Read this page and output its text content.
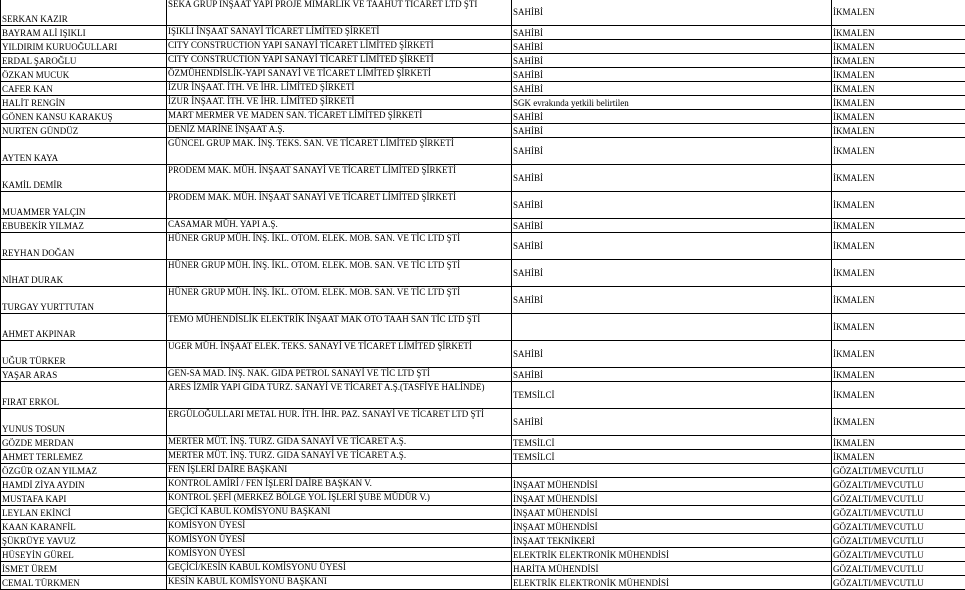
SERKAN KAZIR	SEKA GRUP İNŞAAT YAPI PROJE MİMARLIK VE TAAHÜT TİCARET LTD ŞTİ	SAHİBİ	İKMALEN
BAYRAM ALİ IŞIKLI	IŞIKLI İNŞAAT SANAYİ TİCARET LİMİTED ŞİRKETİ	SAHİBİ	İKMALEN
YILDIRIM KURUOĞULLARI	CITY CONSTRUCTION YAPI SANAYİ TİCARET LİMİTED ŞİRKETİ	SAHİBİ	İKMALEN
ERDAL ŞAROĞLU	CITY CONSTRUCTION YAPI SANAYİ TİCARET LİMİTED ŞİRKETİ	SAHİBİ	İKMALEN
ÖZKAN MUCUK	ÖZMÜHENDİSLİK-YAPI SANAYİ VE TİCARET LİMİTED ŞİRKETİ	SAHİBİ	İKMALEN
CAFER KAN	İZUR İNŞAAT. İTH. VE İHR. LİMİTED ŞİRKETİ	SAHİBİ	İKMALEN
HALİT RENGİN	İZUR İNŞAAT. İTH. VE İHR. LİMİTED ŞİRKETİ	SGK evrakında yetkili belirtilen	İKMALEN
GÖNEN KANSU KARAKUŞ	MART MERMER VE MADEN SAN. TİCARET LİMİTED ŞİRKETİ	SAHİBİ	İKMALEN
NURTEN GÜNDÜZ	DENİZ MARİNE İNŞAAT A.Ş.	SAHİBİ	İKMALEN
AYTEN KAYA	GÜNCEL GRUP MAK. İNŞ. TEKS. SAN. VE TİCARET LİMİTED ŞİRKETİ	SAHİBİ	İKMALEN
KAMİL DEMİR	PRODEM MAK. MÜH. İNŞAAT SANAYİ VE TİCARET LİMİTED ŞİRKETİ	SAHİBİ	İKMALEN
MUAMMER YALÇIN	PRODEM MAK. MÜH. İNŞAAT SANAYİ VE TİCARET LİMİTED ŞİRKETİ	SAHİBİ	İKMALEN
EBUBEKİR YILMAZ	CASAMAR MÜH. YAPI A.Ş.	SAHİBİ	İKMALEN
REYHAN DOĞAN	HÜNER GRUP MÜH. İNŞ. İKL. OTOM. ELEK. MOB. SAN. VE TİC LTD ŞTİ	SAHİBİ	İKMALEN
NİHAT DURAK	HÜNER GRUP MÜH. İNŞ. İKL. OTOM. ELEK. MOB. SAN. VE TİC LTD ŞTİ	SAHİBİ	İKMALEN
TURGAY YURTTUTAN	HÜNER GRUP MÜH. İNŞ. İKL. OTOM. ELEK. MOB. SAN. VE TİC LTD ŞTİ	SAHİBİ	İKMALEN
AHMET AKPINAR	TEMO MÜHENDİSLİK ELEKTRİK İNŞAAT MAK OTO TAAH SAN TİC LTD ŞTİ		İKMALEN
UĞUR TÜRKER	UGER MÜH. İNŞAAT ELEK. TEKS. SANAYİ VE TİCARET LİMİTED ŞİRKETİ	SAHİBİ	İKMALEN
YAŞAR ARAS	GEN-SA MAD. İNŞ. NAK. GIDA PETROL SANAYİ VE TİC LTD ŞTİ	SAHİBİ	İKMALEN
FIRAT ERKOL	ARES İZMİR YAPI GIDA TURZ. SANAYİ VE TİCARET A.Ş.(TASFİYE HALİNDE)	TEMSİLCİ	İKMALEN
YUNUS TOSUN	ERGÜLOĞULLARI METAL HUR. İTH. İHR. PAZ. SANAYİ VE TİCARET LTD ŞTİ	SAHİBİ	İKMALEN
GÖZDE MERDAN	MERTER MÜT. İNŞ. TURZ. GIDA SANAYİ VE TİCARET A.Ş.	TEMSİLCİ	İKMALEN
AHMET TERLEMEZ	MERTER MÜT. İNŞ. TURZ. GIDA SANAYİ VE TİCARET A.Ş.	TEMSİLCİ	İKMALEN
ÖZGÜR OZAN YILMAZ	FEN İŞLERİ DAİRE BAŞKANI		GÖZALTI/MEVCUTLU
HAMDİ ZİYA AYDIN	KONTROL AMİRİ / FEN İŞLERİ DAİRE BAŞKAN V.	İNŞAAT MÜHENDİSİ	GÖZALTI/MEVCUTLU
MUSTAFA KAPI	KONTROL ŞEFİ (MERKEZ BÖLGE YOL İŞLERİ ŞUBE MÜDÜR V.)	İNŞAAT MÜHENDİSİ	GÖZALTI/MEVCUTLU
LEYLAN EKİNCİ	GEÇİCİ KABUL KOMİSYONU BAŞKANI	İNŞAAT MÜHENDİSİ	GÖZALTI/MEVCUTLU
KAAN KARANFİL	KOMİSYON ÜYESİ	İNŞAAT MÜHENDİSİ	GÖZALTI/MEVCUTLU
ŞÜKRÜYE YAVUZ	KOMİSYON ÜYESİ	İNŞAAT TEKNİKERİ	GÖZALTI/MEVCUTLU
HÜSEYİN GÜREL	KOMİSYON ÜYESİ	ELEKTRİK ELEKTRONİK MÜHENDİSİ	GÖZALTI/MEVCUTLU
İSMET ÜREM	GEÇİCİ/KESİN KABUL KOMİSYONU ÜYESİ	HARİTA MÜHENDİSİ	GÖZALTI/MEVCUTLU
CEMAL TÜRKMEN	KESİN KABUL KOMİSYONU BAŞKANI	ELEKTRİK ELEKTRONİK MÜHENDİSİ	GÖZALTI/MEVCUTLU
